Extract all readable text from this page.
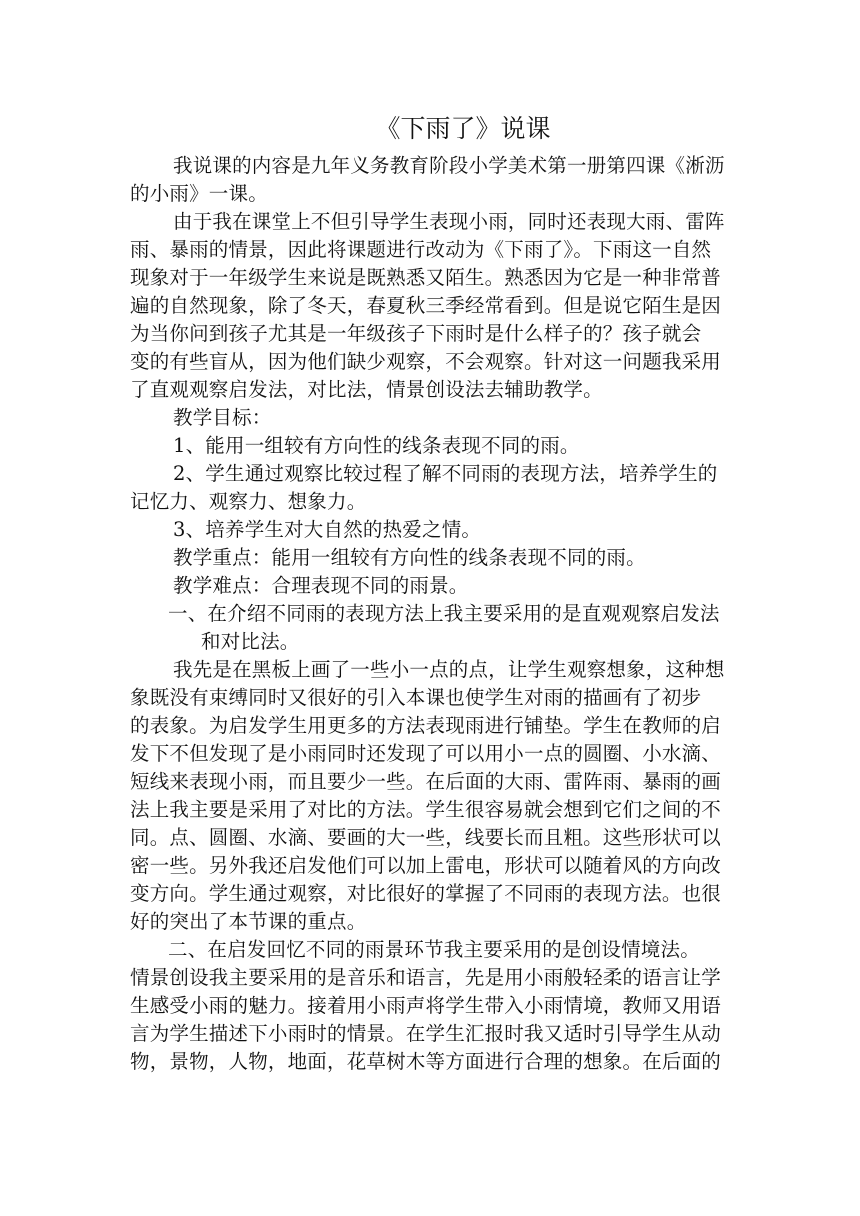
《下雨了》说课
我说课的内容是九年义务教育阶段小学美术第一册第四课《淅沥
的小雨》一课。
由于我在课堂上不但引导学生表现小雨，同时还表现大雨、雷阵
雨、暴雨的情景，因此将课题进行改动为《下雨了》。下雨这一自然
现象对于一年级学生来说是既熟悉又陌生。熟悉因为它是一种非常普
遍的自然现象，除了冬天，春夏秋三季经常看到。但是说它陌生是因
为当你问到孩子尤其是一年级孩子下雨时是什么样子的？孩子就会
变的有些盲从，因为他们缺少观察，不会观察。针对这一问题我采用
了直观观察启发法，对比法，情景创设法去辅助教学。
教学目标：
1、能用一组较有方向性的线条表现不同的雨。
2、学生通过观察比较过程了解不同雨的表现方法，培养学生的
记忆力、观察力、想象力。
3、培养学生对大自然的热爱之情。
教学重点：能用一组较有方向性的线条表现不同的雨。
教学难点：合理表现不同的雨景。
一、在介绍不同雨的表现方法上我主要采用的是直观观察启发法
和对比法。
我先是在黑板上画了一些小一点的点，让学生观察想象，这种想
象既没有束缚同时又很好的引入本课也使学生对雨的描画有了初步
的表象。为启发学生用更多的方法表现雨进行铺垫。学生在教师的启
发下不但发现了是小雨同时还发现了可以用小一点的圆圈、小水滴、
短线来表现小雨，而且要少一些。在后面的大雨、雷阵雨、暴雨的画
法上我主要是采用了对比的方法。学生很容易就会想到它们之间的不
同。点、圆圈、水滴、要画的大一些，线要长而且粗。这些形状可以
密一些。另外我还启发他们可以加上雷电，形状可以随着风的方向改
变方向。学生通过观察，对比很好的掌握了不同雨的表现方法。也很
好的突出了本节课的重点。
二、在启发回忆不同的雨景环节我主要采用的是创设情境法。
情景创设我主要采用的是音乐和语言，先是用小雨般轻柔的语言让学
生感受小雨的魅力。接着用小雨声将学生带入小雨情境，教师又用语
言为学生描述下小雨时的情景。在学生汇报时我又适时引导学生从动
物，景物，人物，地面，花草树木等方面进行合理的想象。在后面的
